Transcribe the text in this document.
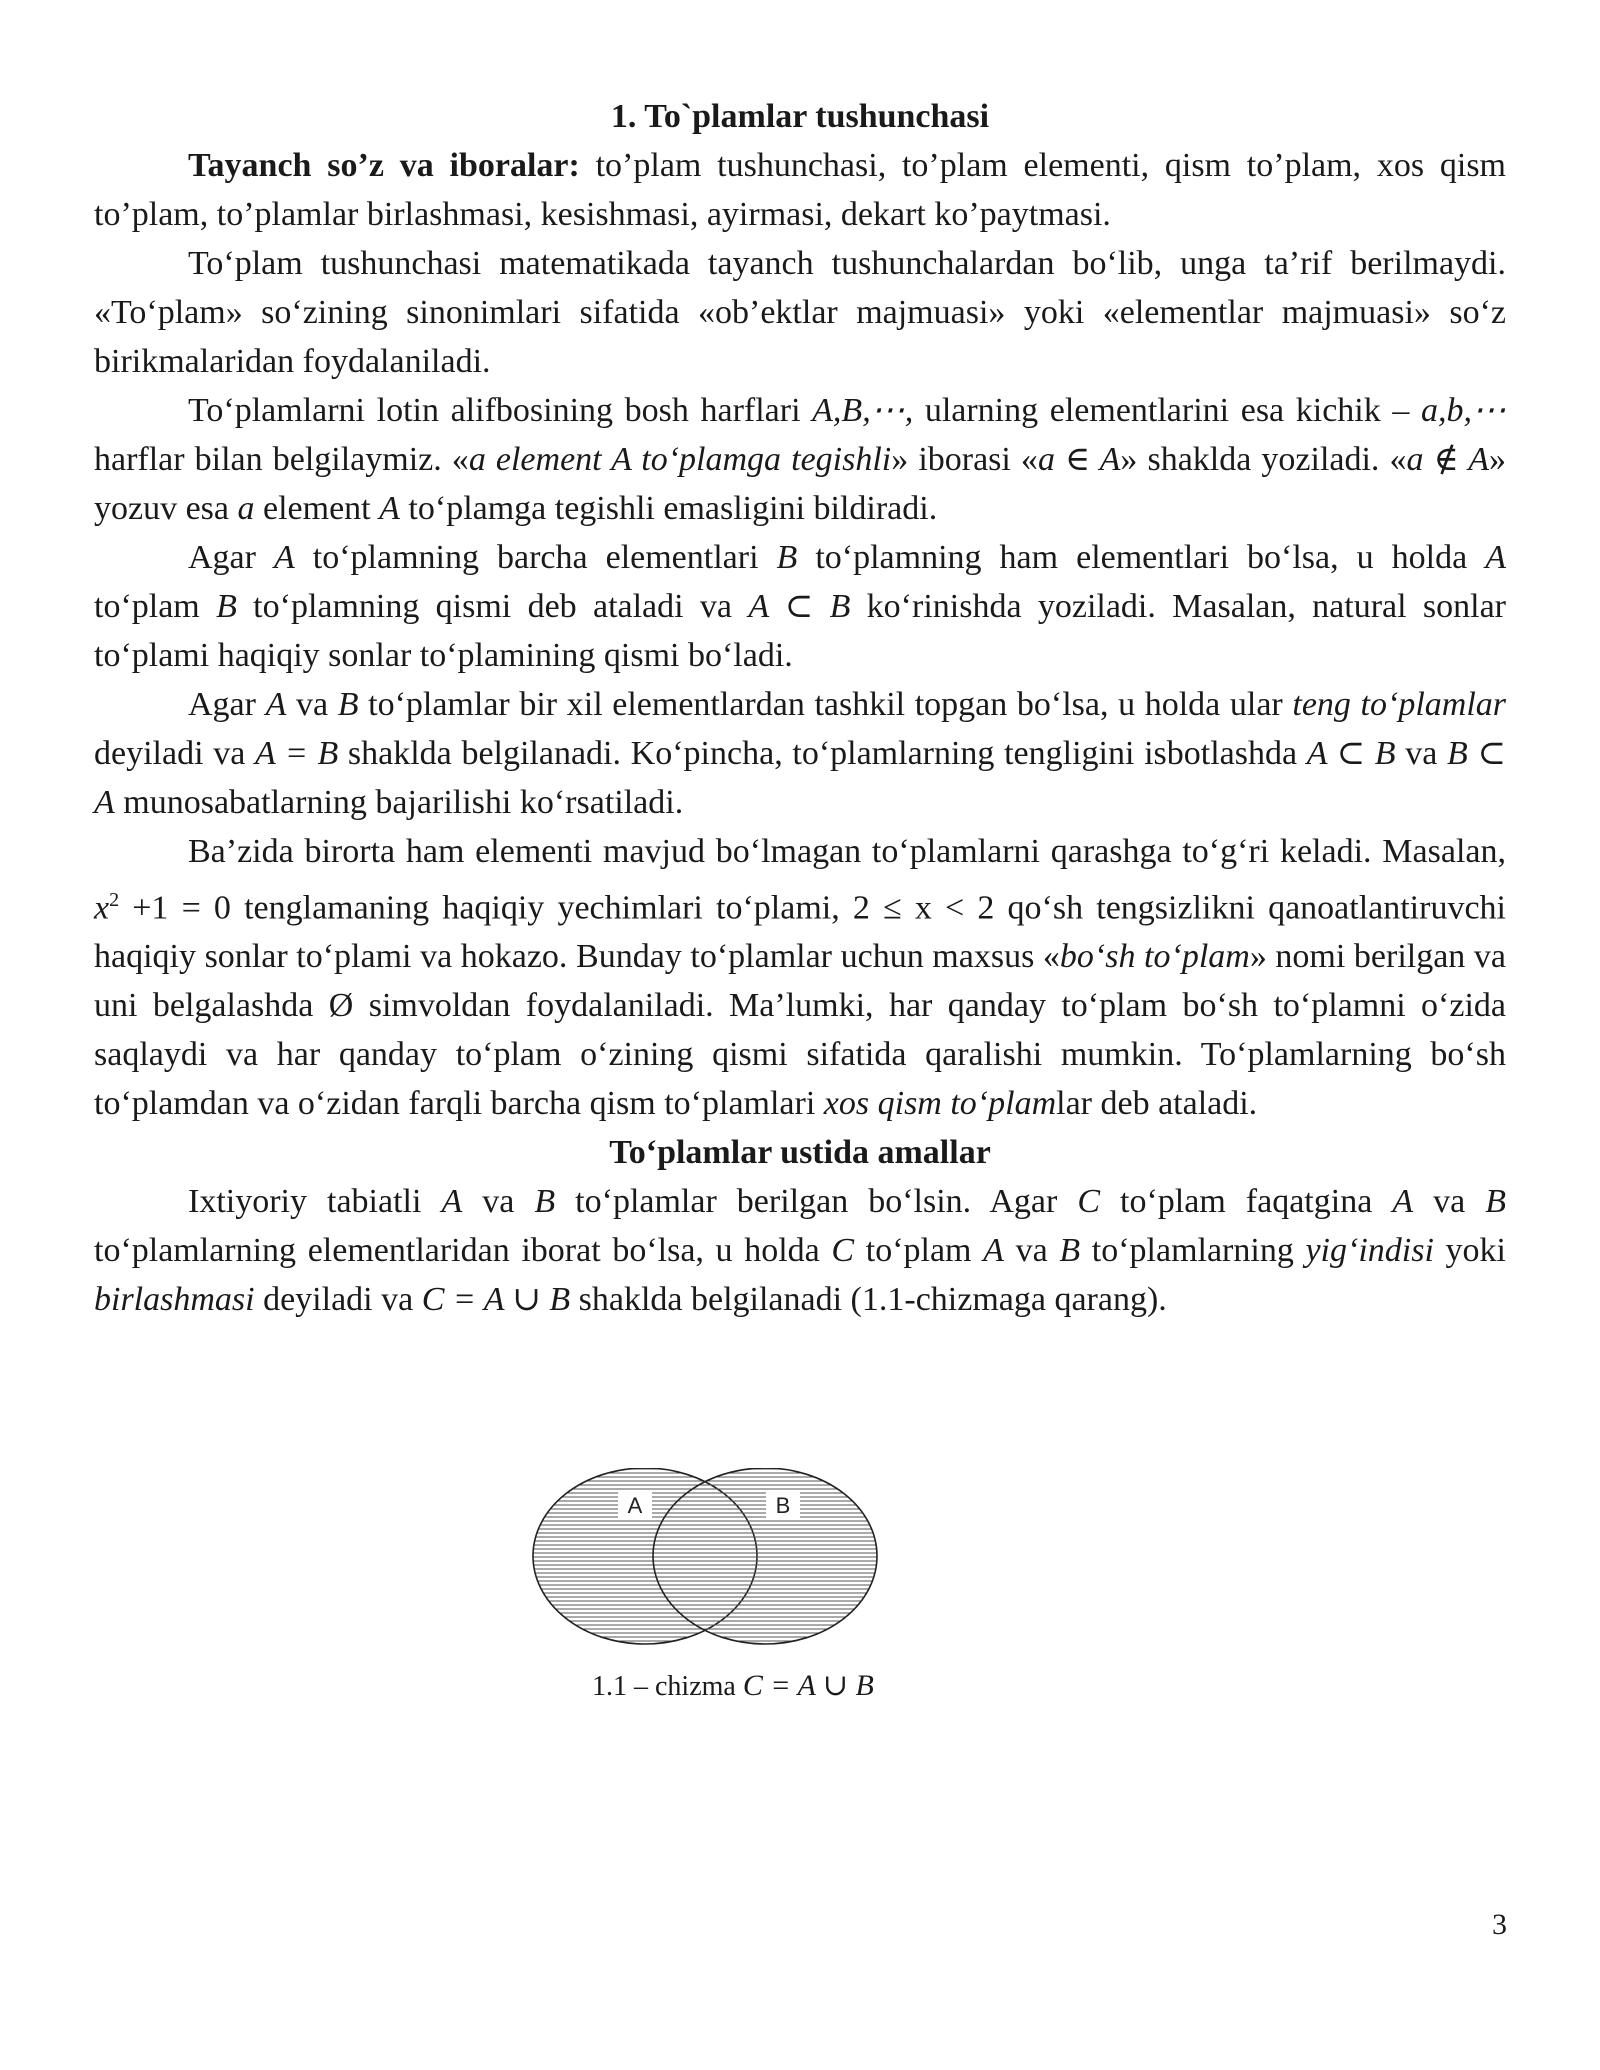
1. To`plamlar tushunchasi

Tayanch so’z va iboralar: to’plam tushunchasi, to’plam elementi, qism to’plam, xos qism to’plam, to’plamlar birlashmasi, kesishmasi, ayirmasi, dekart ko’paytmasi.

To‘plam tushunchasi matematikada tayanch tushunchalardan bo‘lib, unga ta’rif berilmaydi. «To‘plam» so‘zining sinonimlari sifatida «ob’ektlar majmuasi» yoki «elementlar majmuasi» so‘z birikmalaridan foydalaniladi.

To‘plamlarni lotin alifbosining bosh harflari A,B,⋯, ularning elementlarini esa kichik – a,b,⋯ harflar bilan belgilaymiz. «a element A to‘plamga tegishli» iborasi «a ∈ A» shaklda yoziladi. «a ∉ A» yozuv esa a element A to‘plamga tegishli emasligini bildiradi.

Agar A to‘plamning barcha elementlari B to‘plamning ham elementlari bo‘lsa, u holda A to‘plam B to‘plamning qismi deb ataladi va A ⊂ B ko‘rinishda yoziladi. Masalan, natural sonlar to‘plami haqiqiy sonlar to‘plamining qismi bo‘ladi.

Agar A va B to‘plamlar bir xil elementlardan tashkil topgan bo‘lsa, u holda ular teng to‘plamlar deyiladi va A = B shaklda belgilanadi. Ko‘pincha, to‘plamlarning tengligini isbotlashda A ⊂ B va B ⊂ A munosabatlarning bajarilishi ko‘rsatiladi.

Ba’zida birorta ham elementi mavjud bo‘lmagan to‘plamlarni qarashga to‘g‘ri keladi. Masalan, $x^2 +1 = 0$ tenglamaning haqiqiy yechimlari to‘plami, 2 ≤ x < 2 qo‘sh tengsizlikni qanoatlantiruvchi haqiqiy sonlar to‘plami va hokazo. Bunday to‘plamlar uchun maxsus «bo‘sh to‘plam» nomi berilgan va uni belgalashda Ø simvoldan foydalaniladi. Ma’lumki, har qanday to‘plam bo‘sh to‘plamni o‘zida saqlaydi va har qanday to‘plam o‘zining qismi sifatida qaralishi mumkin. To‘plamlarning bo‘sh to‘plamdan va o‘zidan farqli barcha qism to‘plamlari xos qism to‘plamlar deb ataladi.

To‘plamlar ustida amallar

Ixtiyoriy tabiatli A va B to‘plamlar berilgan bo‘lsin. Agar C to‘plam faqatgina A va B to‘plamlarning elementlaridan iborat bo‘lsa, u holda C to‘plam A va B to‘plamlarning yig‘indisi yoki birlashmasi deyiladi va C = A ∪ B shaklda belgilanadi (1.1-chizmaga qarang).

A	B
1.1 – chizma C = A ∪ B
3
